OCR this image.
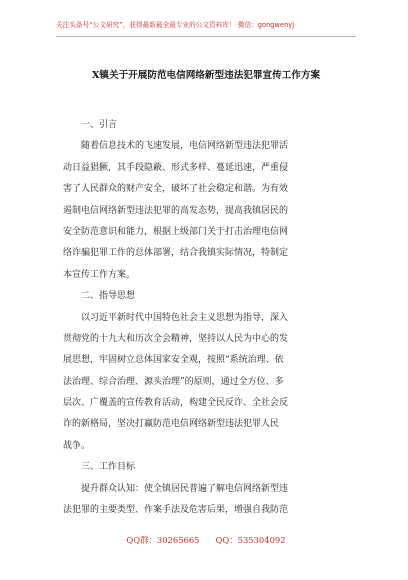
关注头条号“公文研究”，获得最新最全最专业的公文资料库！ 微信：gongwenyj
X镇关于开展防范电信网络新型违法犯罪宣传工作方案
一、引言
随着信息技术的飞速发展，电信网络新型违法犯罪活
动日益猖獗，其手段隐蔽、形式多样、蔓延迅速，严重侵
害了人民群众的财产安全，破坏了社会稳定和谐。为有效
遏制电信网络新型违法犯罪的高发态势，提高我镇居民的
安全防范意识和能力，根据上级部门关于打击治理电信网
络诈骗犯罪工作的总体部署，结合我镇实际情况，特制定
本宣传工作方案。
二、指导思想
以习近平新时代中国特色社会主义思想为指导，深入
贯彻党的十九大和历次全会精神，坚持以人民为中心的发
展思想，牢固树立总体国家安全观，按照“系统治理、依
法治理、综合治理、源头治理”的原则，通过全方位、多
层次、广覆盖的宣传教育活动，构建全民反诈、全社会反
诈的新格局，坚决打赢防范电信网络新型违法犯罪人民
战争。
三、工作目标
提升群众认知：使全镇居民普遍了解电信网络新型违
法犯罪的主要类型、作案手法及危害后果，增强自我防范
QQ群：30265665 QQ：535304092
